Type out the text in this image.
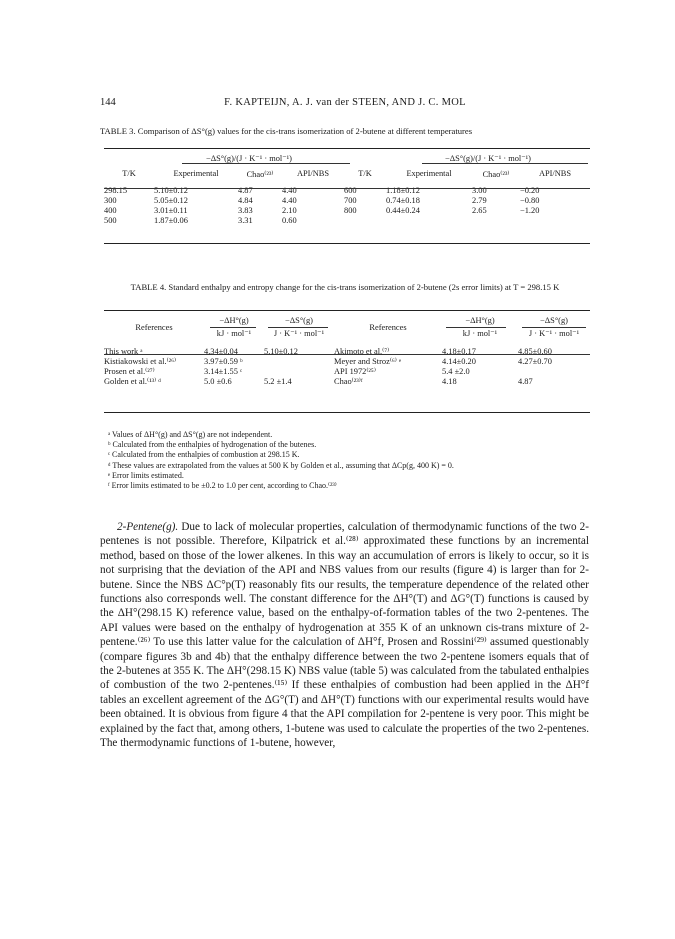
144	F. KAPTEIJN, A. J. van der STEEN, AND J. C. MOL
TABLE 3. Comparison of ΔS°(g) values for the cis-trans isomerization of 2-butene at different temperatures
	−ΔS°(g)/(J · K⁻¹ · mol⁻¹)				−ΔS°(g)/(J · K⁻¹ · mol⁻¹)		
T/K	Experimental	Chao⁽²³⁾	API/NBS	T/K	Experimental	Chao⁽²³⁾	API/NBS

298.15	5.10±0.12	4.87	4.40	600	1.18±0.12	3.00	−0.20
300	5.05±0.12	4.84	4.40	700	0.74±0.18	2.79	−0.80
400	3.01±0.11	3.83	2.10	800	0.44±0.24	2.65	−1.20
500	1.87±0.06	3.31	0.60				
TABLE 4. Standard enthalpy and entropy change for the cis-trans isomerization of 2-butene (2s error limits) at T = 298.15 K
References	−ΔH°(g)	−ΔS°(g)	References	−ΔH°(g)	−ΔS°(g)
	kJ · mol⁻¹	J · K⁻¹ · mol⁻¹		kJ · mol⁻¹	J · K⁻¹ · mol⁻¹

This work ᵃ	4.34±0.04	5.10±0.12	Akimoto et al.⁽⁷⁾	4.18±0.17	4.85±0.60
Kistiakowski et al.⁽²⁶⁾	3.97±0.59 ᵇ		Meyer and Stroz⁽⁶⁾ ᵉ	4.14±0.20	4.27±0.70
Prosen et al.⁽²⁷⁾	3.14±1.55 ᶜ		API 1972⁽²⁵⁾	5.4 ±2.0	
Golden et al.⁽¹³⁾ ᵈ	5.0 ±0.6	5.2 ±1.4	Chao⁽²³⁾ᶠ	4.18	4.87
ᵃ Values of ΔH°(g) and ΔS°(g) are not independent.
ᵇ Calculated from the enthalpies of hydrogenation of the butenes.
ᶜ Calculated from the enthalpies of combustion at 298.15 K.
ᵈ These values are extrapolated from the values at 500 K by Golden et al., assuming that ΔCp(g, 400 K) = 0.
ᵉ Error limits estimated.
ᶠ Error limits estimated to be ±0.2 to 1.0 per cent, according to Chao.⁽²³⁾

2-Pentene(g). Due to lack of molecular properties, calculation of thermodynamic functions of the two 2-pentenes is not possible. Therefore, Kilpatrick et al.⁽²⁸⁾ approximated these functions by an incremental method, based on those of the lower alkenes. In this way an accumulation of errors is likely to occur, so it is not surprising that the deviation of the API and NBS values from our results (figure 4) is larger than for 2-butene. Since the NBS ΔC°p(T) reasonably fits our results, the temperature dependence of the related other functions also corresponds well. The constant difference for the ΔH°(T) and ΔG°(T) functions is caused by the ΔH°(298.15 K) reference value, based on the enthalpy-of-formation tables of the two 2-pentenes. The API values were based on the enthalpy of hydrogenation at 355 K of an unknown cis-trans mixture of 2-pentene.⁽²⁶⁾ To use this latter value for the calculation of ΔH°f, Prosen and Rossini⁽²⁹⁾ assumed questionably (compare figures 3b and 4b) that the enthalpy difference between the two 2-pentene isomers equals that of the 2-butenes at 355 K. The ΔH°(298.15 K) NBS value (table 5) was calculated from the tabulated enthalpies of combustion of the two 2-pentenes.⁽¹⁵⁾ If these enthalpies of combustion had been applied in the ΔH°f tables an excellent agreement of the ΔG°(T) and ΔH°(T) functions with our experimental results would have been obtained. It is obvious from figure 4 that the API compilation for 2-pentene is very poor. This might be explained by the fact that, among others, 1-butene was used to calculate the properties of the two 2-pentenes. The thermodynamic functions of 1-butene, however,
